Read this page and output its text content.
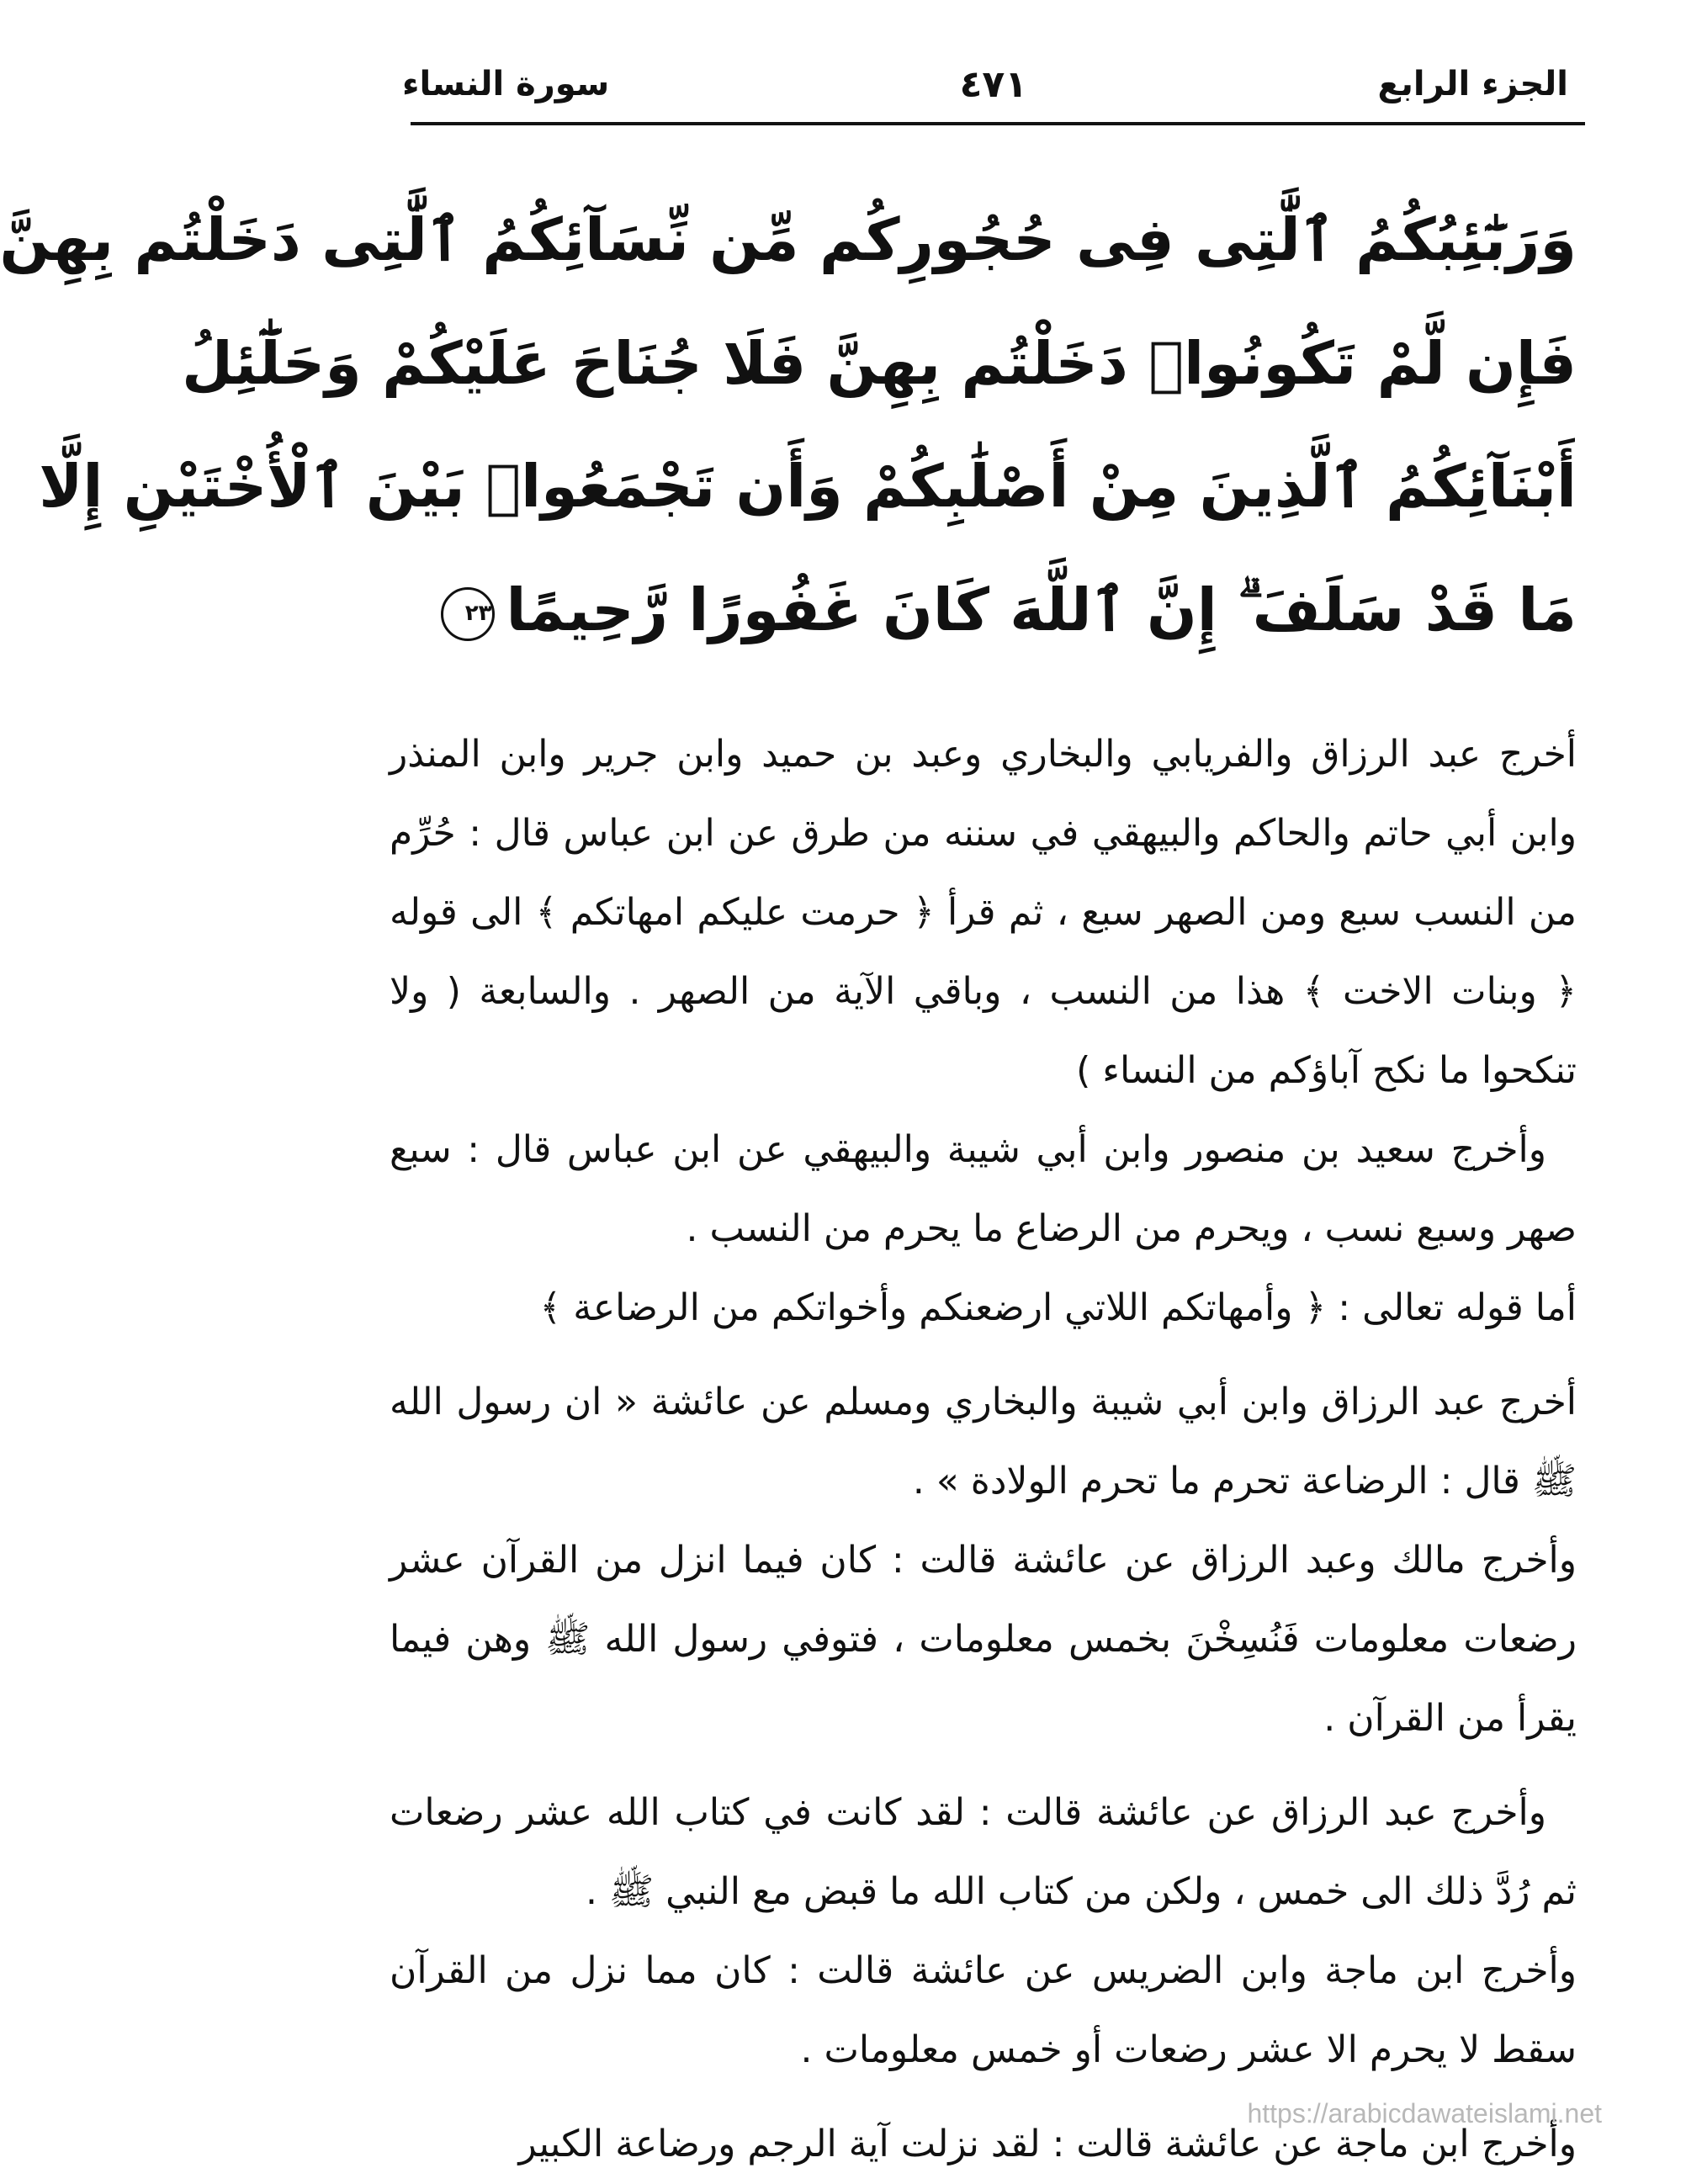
الجزء الرابع
٤٧١
سورة النساء
وَرَبَٰٓئِبُكُمُ ٱلَّٰتِى فِى حُجُورِكُم مِّن نِّسَآئِكُمُ ٱلَّٰتِى دَخَلْتُم بِهِنَّ
فَإِن لَّمْ تَكُونُوا۟ دَخَلْتُم بِهِنَّ فَلَا جُنَاحَ عَلَيْكُمْ وَحَلَٰٓئِلُ
أَبْنَآئِكُمُ ٱلَّذِينَ مِنْ أَصْلَٰبِكُمْ وَأَن تَجْمَعُوا۟ بَيْنَ ٱلْأُخْتَيْنِ إِلَّا
مَا قَدْ سَلَفَ ۗ إِنَّ ٱللَّهَ كَانَ غَفُورًا رَّحِيمًا٢٣

أخرج عبد الرزاق والفريابي والبخاري وعبد بن حميد وابن جرير وابن المنذر وابن أبي حاتم والحاكم والبيهقي في سننه من طرق عن ابن عباس قال : حُرِّم من النسب سبع ومن الصهر سبع ، ثم قرأ ﴿ حرمت عليكم امهاتكم ﴾ الى قوله ﴿ وبنات الاخت ﴾ هذا من النسب ، وباقي الآية من الصهر . والسابعة ( ولا تنكحوا ما نكح آباؤكم من النساء )

وأخرج سعيد بن منصور وابن أبي شيبة والبيهقي عن ابن عباس قال : سبع صهر وسبع نسب ، ويحرم من الرضاع ما يحرم من النسب .

أما قوله تعالى : ﴿ وأمهاتكم اللاتي ارضعنكم وأخواتكم من الرضاعة ﴾

أخرج عبد الرزاق وابن أبي شيبة والبخاري ومسلم عن عائشة « ان رسول الله ﷺ قال : الرضاعة تحرم ما تحرم الولادة » .

وأخرج مالك وعبد الرزاق عن عائشة قالت : كان فيما انزل من القرآن عشر رضعات معلومات فَنُسِخْنَ بخمس معلومات ، فتوفي رسول الله ﷺ وهن فيما يقرأ من القرآن .

وأخرج عبد الرزاق عن عائشة قالت : لقد كانت في كتاب الله عشر رضعات ثم رُدَّ ذلك الى خمس ، ولكن من كتاب الله ما قبض مع النبي ﷺ .

وأخرج ابن ماجة وابن الضريس عن عائشة قالت : كان مما نزل من القرآن سقط لا يحرم الا عشر رضعات أو خمس معلومات .

وأخرج ابن ماجة عن عائشة قالت : لقد نزلت آية الرجم ورضاعة الكبير

https://arabicdawateislami.net
